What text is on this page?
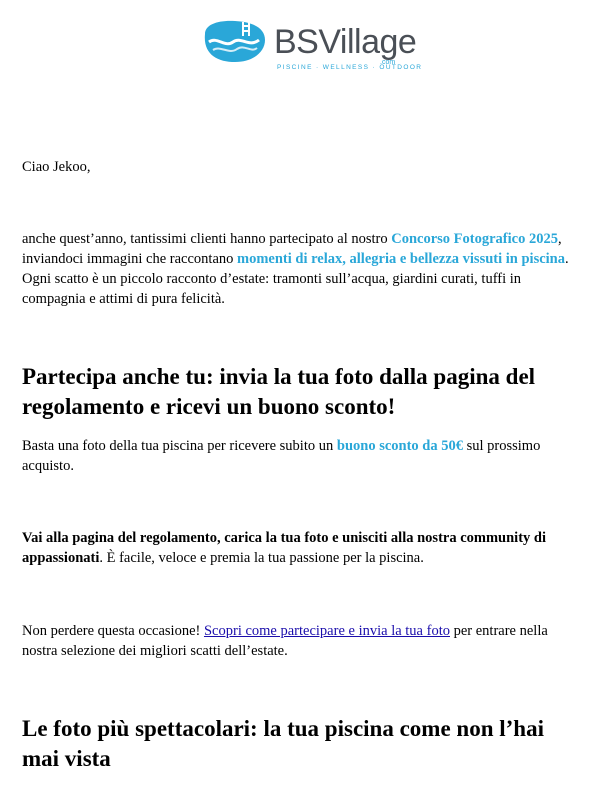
BSVillage
.com
PISCINE · WELLNESS · OUTDOOR

Ciao Jekoo,

anche quest’anno, tantissimi clienti hanno partecipato al nostro Concorso Fotografico 2025, inviandoci immagini che raccontano momenti di relax, allegria e bellezza vissuti in piscina. Ogni scatto è un piccolo racconto d’estate: tramonti sull’acqua, giardini curati, tuffi in compagnia e attimi di pura felicità.

Partecipa anche tu: invia la tua foto dalla pagina del regolamento e ricevi un buono sconto!

Basta una foto della tua piscina per ricevere subito un buono sconto da 50€ sul prossimo acquisto.

Vai alla pagina del regolamento, carica la tua foto e unisciti alla nostra community di appassionati. È facile, veloce e premia la tua passione per la piscina.

Non perdere questa occasione! Scopri come partecipare e invia la tua foto per entrare nella nostra selezione dei migliori scatti dell’estate.

Le foto più spettacolari: la tua piscina come non l’hai mai vista
